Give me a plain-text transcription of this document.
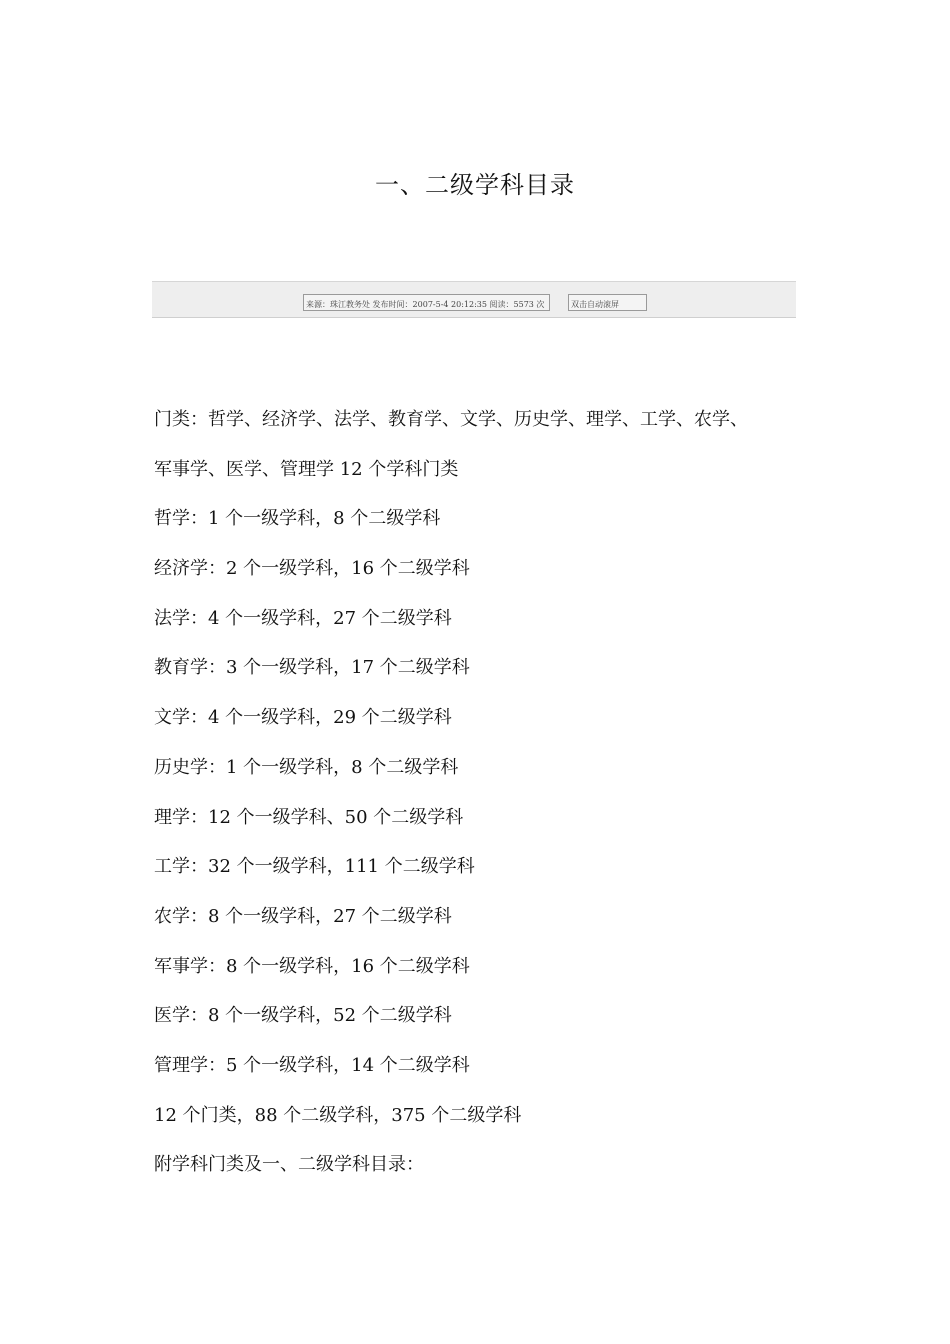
一、二级学科目录
来源：珠江教务处 发布时间：2007-5-4 20:12:35 阅读：5573 次	双击自动滚屏
门类：哲学、经济学、法学、教育学、文学、历史学、理学、工学、农学、
军事学、医学、管理学 12 个学科门类
哲学：1 个一级学科，8 个二级学科
经济学：2 个一级学科，16 个二级学科
法学：4 个一级学科，27 个二级学科
教育学：3 个一级学科，17 个二级学科
文学：4 个一级学科，29 个二级学科
历史学：1 个一级学科，8 个二级学科
理学：12 个一级学科、50 个二级学科
工学：32 个一级学科，111 个二级学科
农学：8 个一级学科，27 个二级学科
军事学：8 个一级学科，16 个二级学科
医学：8 个一级学科，52 个二级学科
管理学：5 个一级学科，14 个二级学科
12 个门类，88 个二级学科，375 个二级学科
附学科门类及一、二级学科目录：
